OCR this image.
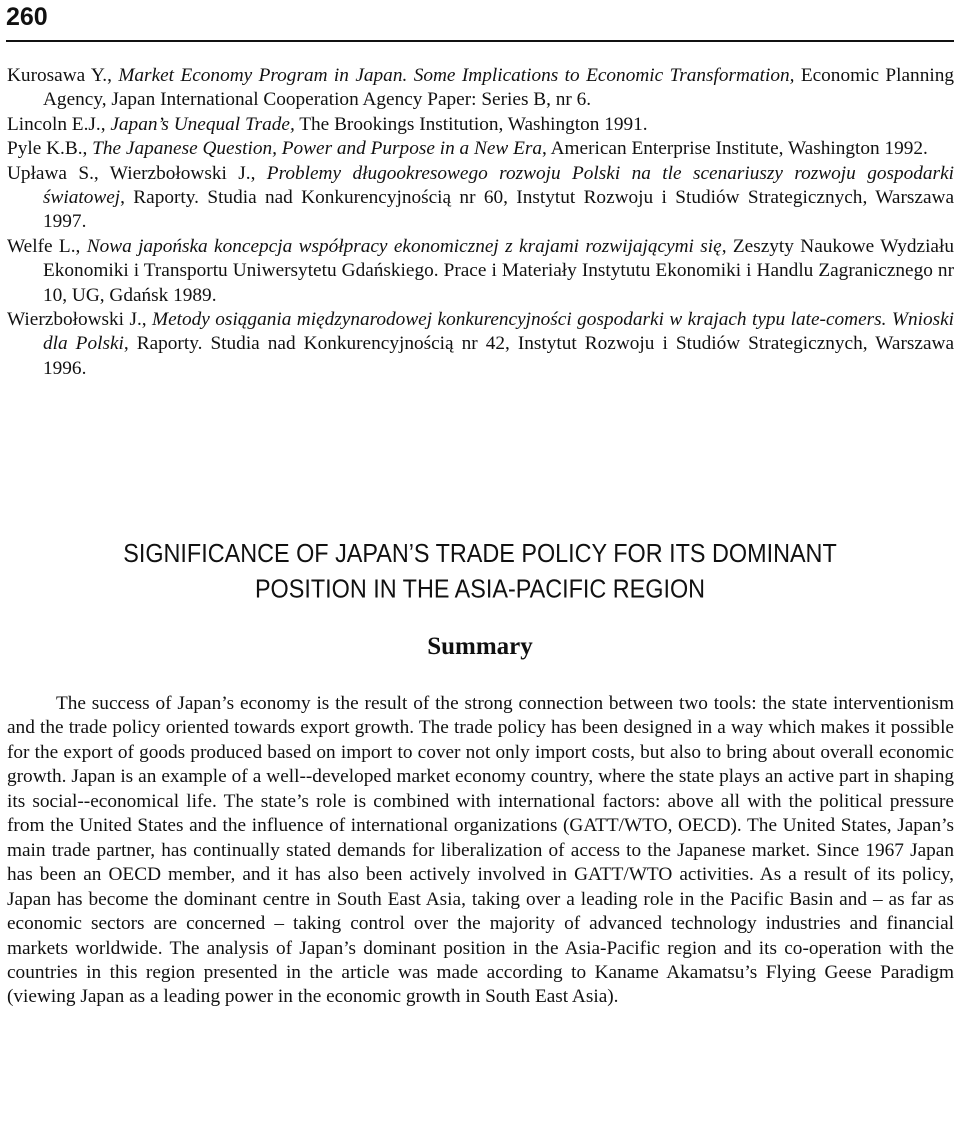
260

Kurosawa Y., Market Economy Program in Japan. Some Implications to Economic Transformation, Economic Planning Agency, Japan International Cooperation Agency Paper: Series B, nr 6.

Lincoln E.J., Japan’s Unequal Trade, The Brookings Institution, Washington 1991.

Pyle K.B., The Japanese Question, Power and Purpose in a New Era, American Enterprise Institute, Washington 1992.

Upława S., Wierzbołowski J., Problemy długookresowego rozwoju Polski na tle scenariuszy rozwoju gospodarki światowej, Raporty. Studia nad Konkurencyjnością nr 60, Instytut Rozwoju i Studiów Strategicznych, Warszawa 1997.

Welfe L., Nowa japońska koncepcja współpracy ekonomicznej z krajami rozwijającymi się, Zeszyty Naukowe Wydziału Ekonomiki i Transportu Uniwersytetu Gdańskiego. Prace i Materiały Instytutu Ekonomiki i Handlu Zagranicznego nr 10, UG, Gdańsk 1989.

Wierzbołowski J., Metody osiągania międzynarodowej konkurencyjności gospodarki w krajach typu late-comers. Wnioski dla Polski, Raporty. Studia nad Konkurencyjnością nr 42, Instytut Rozwoju i Studiów Strategicznych, Warszawa 1996.

SIGNIFICANCE OF JAPAN’S TRADE POLICY FOR ITS DOMINANT
POSITION IN THE ASIA-PACIFIC REGION
Summary

The success of Japan’s economy is the result of the strong connection between two tools: the state interventionism and the trade policy oriented towards export growth. The trade policy has been designed in a way which makes it possible for the export of goods produced based on import to cover not only import costs, but also to bring about overall economic growth. Japan is an example of a well--developed market economy country, where the state plays an active part in shaping its social--economical life. The state’s role is combined with international factors: above all with the political pressure from the United States and the influence of international organizations (GATT/WTO, OECD). The United States, Japan’s main trade partner, has continually stated demands for liberalization of access to the Japanese market. Since 1967 Japan has been an OECD member, and it has also been actively involved in GATT/WTO activities. As a result of its policy, Japan has become the dominant centre in South East Asia, taking over a leading role in the Pacific Basin and – as far as economic sectors are concerned – taking control over the majority of advanced technology industries and financial markets worldwide. The analysis of Japan’s dominant position in the Asia-Pacific region and its co-operation with the countries in this region presented in the article was made according to Kaname Akamatsu’s Flying Geese Paradigm (viewing Japan as a leading power in the economic growth in South East Asia).
